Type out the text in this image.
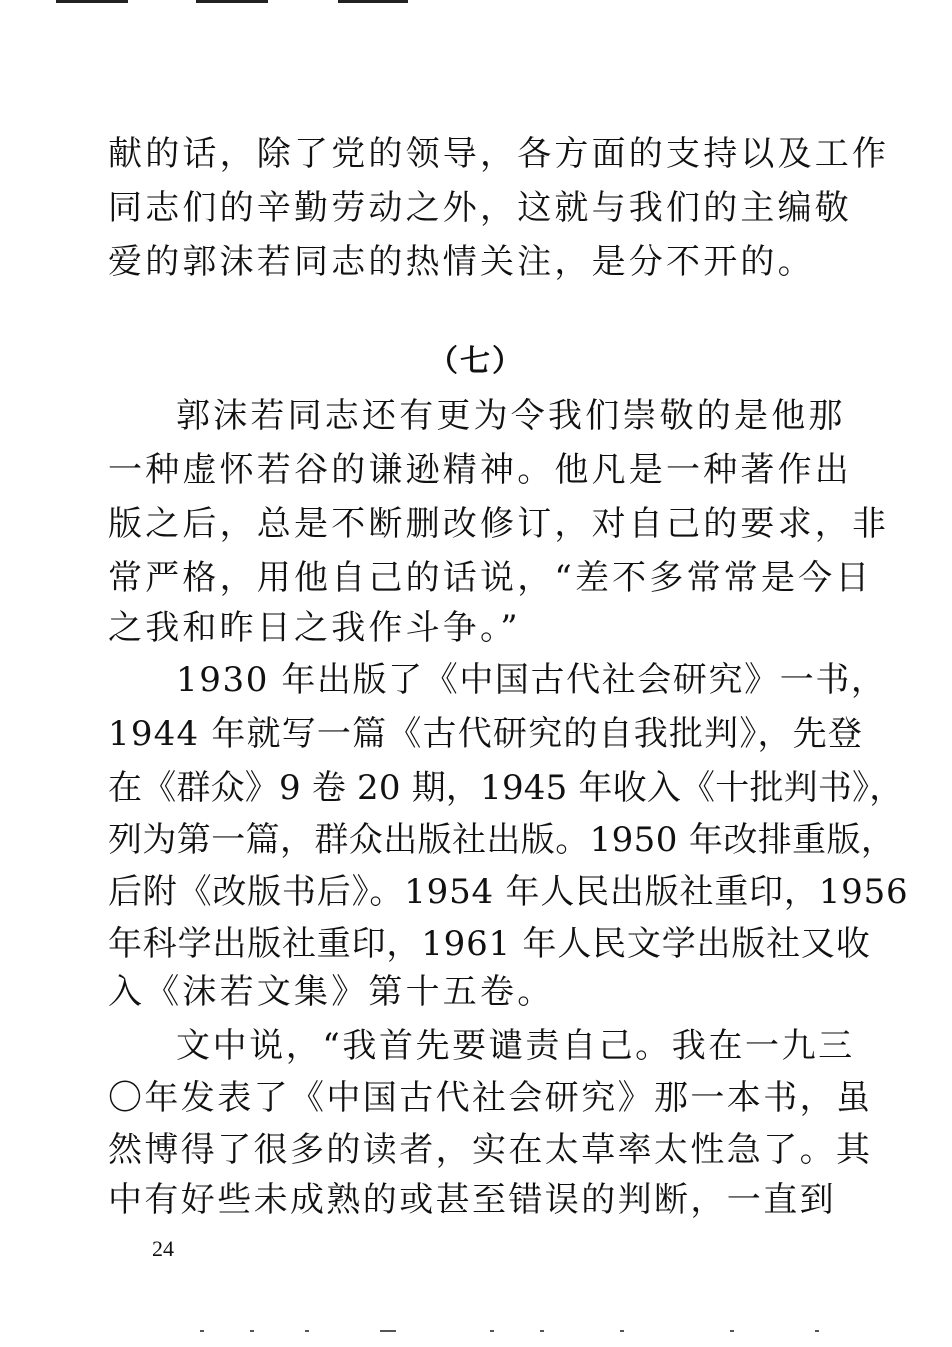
献的话，除了党的领导，各方面的支持以及工作
同志们的辛勤劳动之外，这就与我们的主编敬
爱的郭沫若同志的热情关注，是分不开的。
（七）
郭沫若同志还有更为令我们崇敬的是他那
一种虚怀若谷的谦逊精神。他凡是一种著作出
版之后，总是不断删改修订，对自己的要求，非
常严格，用他自己的话说，“差不多常常是今日
之我和昨日之我作斗争。”
1930 年出版了《中国古代社会研究》一书，
1944 年就写一篇《古代研究的自我批判》，先登
在《群众》9 卷 20 期，1945 年收入《十批判书》，
列为第一篇，群众出版社出版。1950 年改排重版，
后附《改版书后》。1954 年人民出版社重印，1956
年科学出版社重印，1961 年人民文学出版社又收
入《沫若文集》第十五卷。
文中说，“我首先要谴责自己。我在一九三
〇年发表了《中国古代社会研究》那一本书，虽
然博得了很多的读者，实在太草率太性急了。其
中有好些未成熟的或甚至错误的判断，一直到
24
